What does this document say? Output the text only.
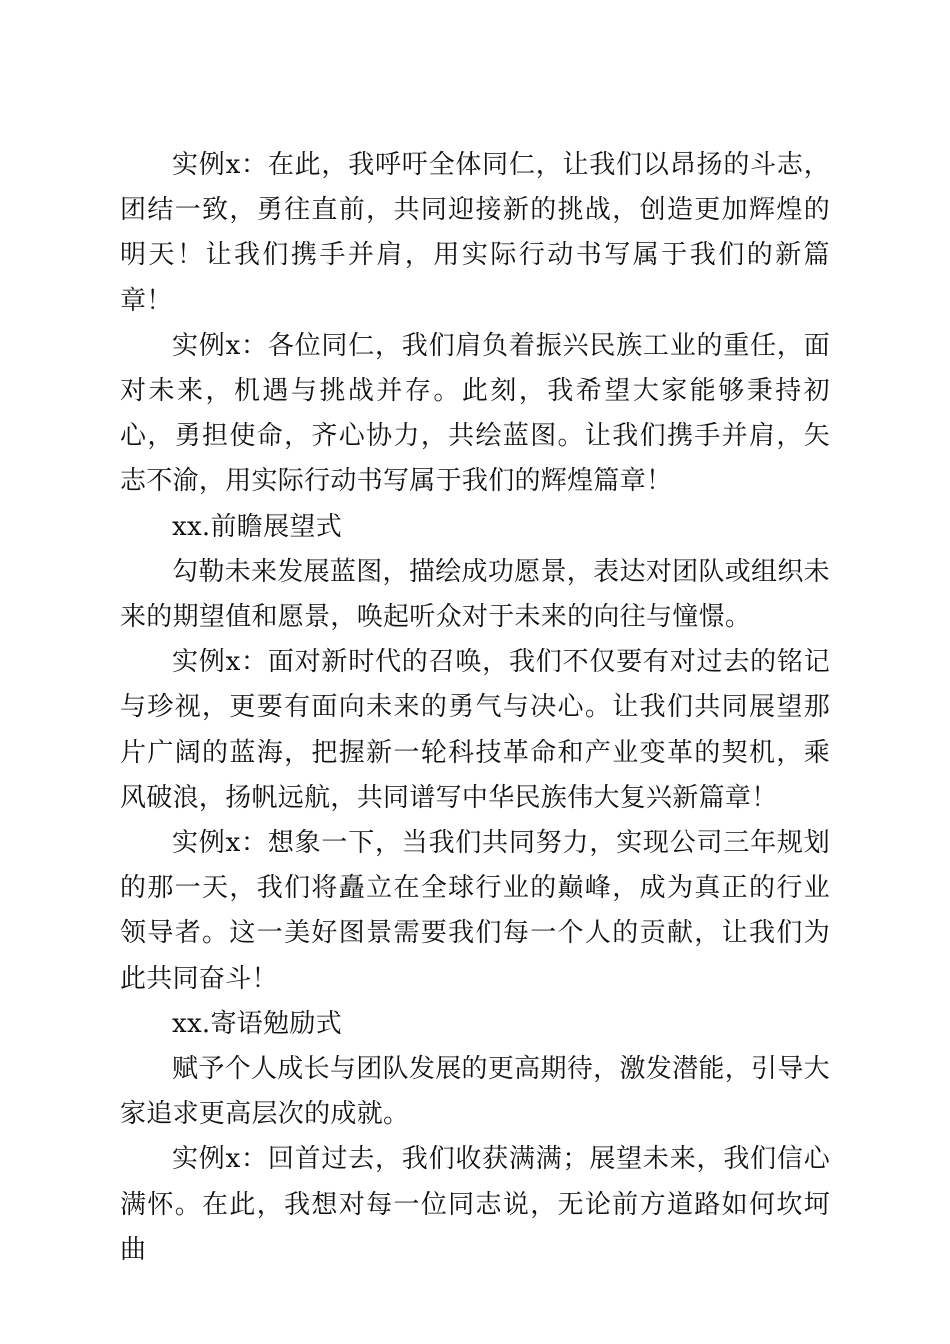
实例x：在此，我呼吁全体同仁，让我们以昂扬的斗志，团结一致，勇往直前，共同迎接新的挑战，创造更加辉煌的明天！让我们携手并肩，用实际行动书写属于我们的新篇章！

实例x：各位同仁，我们肩负着振兴民族工业的重任，面对未来，机遇与挑战并存。此刻，我希望大家能够秉持初心，勇担使命，齐心协力，共绘蓝图。让我们携手并肩，矢志不渝，用实际行动书写属于我们的辉煌篇章！

xx.前瞻展望式

勾勒未来发展蓝图，描绘成功愿景，表达对团队或组织未来的期望值和愿景，唤起听众对于未来的向往与憧憬。

实例x：面对新时代的召唤，我们不仅要有对过去的铭记与珍视，更要有面向未来的勇气与决心。让我们共同展望那片广阔的蓝海，把握新一轮科技革命和产业变革的契机，乘风破浪，扬帆远航，共同谱写中华民族伟大复兴新篇章！

实例x：想象一下，当我们共同努力，实现公司三年规划的那一天，我们将矗立在全球行业的巅峰，成为真正的行业领导者。这一美好图景需要我们每一个人的贡献，让我们为此共同奋斗！

xx.寄语勉励式

赋予个人成长与团队发展的更高期待，激发潜能，引导大家追求更高层次的成就。

实例x：回首过去，我们收获满满；展望未来，我们信心满怀。在此，我想对每一位同志说，无论前方道路如何坎坷曲
